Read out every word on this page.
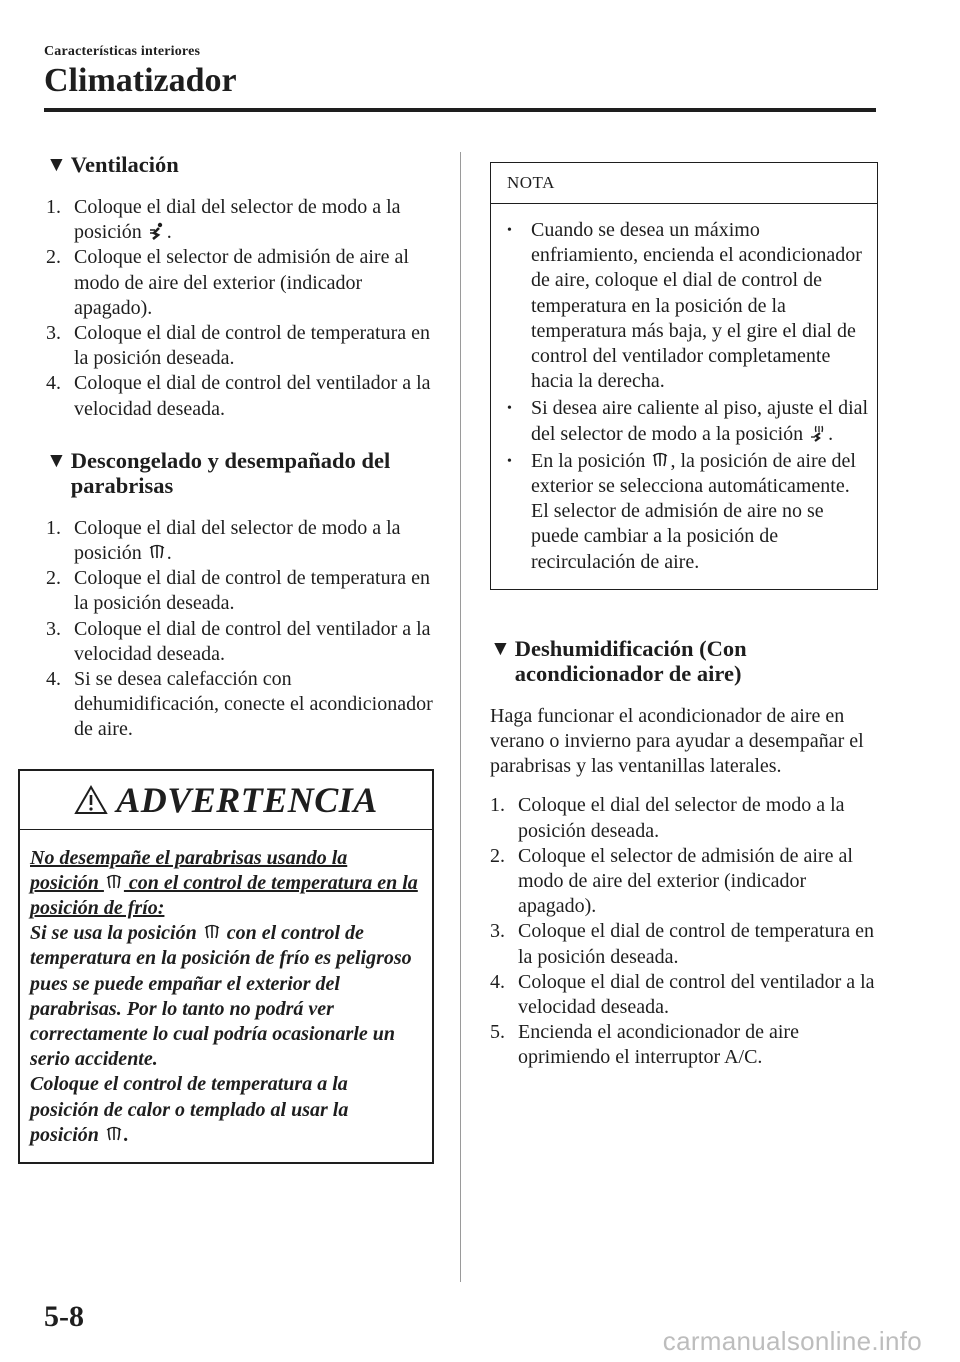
Características interiores
Climatizador
▼ Ventilación
1. Coloque el dial del selector de modo a la posición .
2. Coloque el selector de admisión de aire al modo de aire del exterior (indicador apagado).
3. Coloque el dial de control de temperatura en la posición deseada.
4. Coloque el dial de control del ventilador a la velocidad deseada.
▼ Descongelado y desempañado del
parabrisas
1. Coloque el dial del selector de modo a la posición .
2. Coloque el dial de control de temperatura en la posición deseada.
3. Coloque el dial de control del ventilador a la velocidad deseada.
4. Si se desea calefacción con dehumidificación, conecte el acondicionador de aire.
ADVERTENCIA
No desempañe el parabrisas usando la posición  con el control de temperatura en la posición de frío:
Si se usa la posición  con el control de temperatura en la posición de frío es peligroso pues se puede empañar el exterior del parabrisas. Por lo tanto no podrá ver correctamente lo cual podría ocasionarle un serio accidente.
Coloque el control de temperatura a la posición de calor o templado al usar la posición .
NOTA
• Cuando se desea un máximo enfriamiento, encienda el acondicionador de aire, coloque el dial de control de temperatura en la posición de la temperatura más baja, y el gire el dial de control del ventilador completamente hacia la derecha.
• Si desea aire caliente al piso, ajuste el dial del selector de modo a la posición .
• En la posición , la posición de aire del exterior se selecciona automáticamente. El selector de admisión de aire no se puede cambiar a la posición de recirculación de aire.
▼ Deshumidificación (Con
acondicionador de aire)

Haga funcionar el acondicionador de aire en verano o invierno para ayudar a desempañar el parabrisas y las ventanillas laterales.

1. Coloque el dial del selector de modo a la posición deseada.
2. Coloque el selector de admisión de aire al modo de aire del exterior (indicador apagado).
3. Coloque el dial de control de temperatura en la posición deseada.
4. Coloque el dial de control del ventilador a la velocidad deseada.
5. Encienda el acondicionador de aire oprimiendo el interruptor A/C.
5-8
carmanualsonline.info
